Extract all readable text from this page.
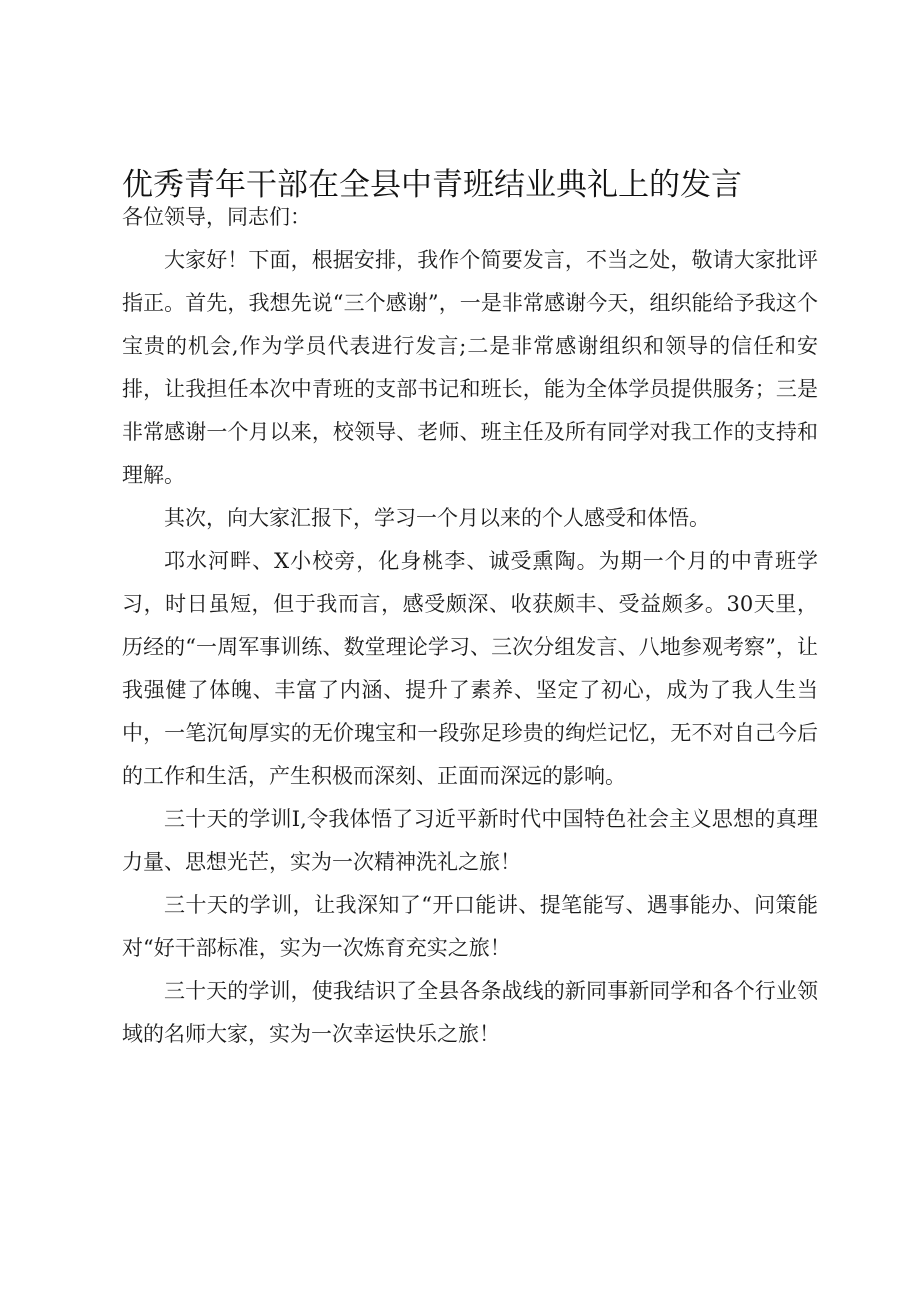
优秀青年干部在全县中青班结业典礼上的发言

各位领导，同志们：

大家好！下面，根据安排，我作个简要发言，不当之处，敬请大家批评指正。首先，我想先说“三个感谢”，一是非常感谢今天，组织能给予我这个宝贵的机会,作为学员代表进行发言;二是非常感谢组织和领导的信任和安排，让我担任本次中青班的支部书记和班长，能为全体学员提供服务；三是非常感谢一个月以来，校领导、老师、班主任及所有同学对我工作的支持和理解。

其次，向大家汇报下，学习一个月以来的个人感受和体悟。

邛水河畔、X小校旁，化身桃李、诚受熏陶。为期一个月的中青班学习，时日虽短，但于我而言，感受颇深、收获颇丰、受益颇多。30天里，历经的“一周军事训练、数堂理论学习、三次分组发言、八地参观考察”，让我强健了体魄、丰富了内涵、提升了素养、坚定了初心，成为了我人生当中，一笔沉甸厚实的无价瑰宝和一段弥足珍贵的绚烂记忆，无不对自己今后的工作和生活，产生积极而深刻、正面而深远的影响。

三十天的学训I,令我体悟了习近平新时代中国特色社会主义思想的真理力量、思想光芒，实为一次精神洗礼之旅！

三十天的学训，让我深知了“开口能讲、提笔能写、遇事能办、问策能对“好干部标准，实为一次炼育充实之旅！

三十天的学训，使我结识了全县各条战线的新同事新同学和各个行业领域的名师大家，实为一次幸运快乐之旅！
